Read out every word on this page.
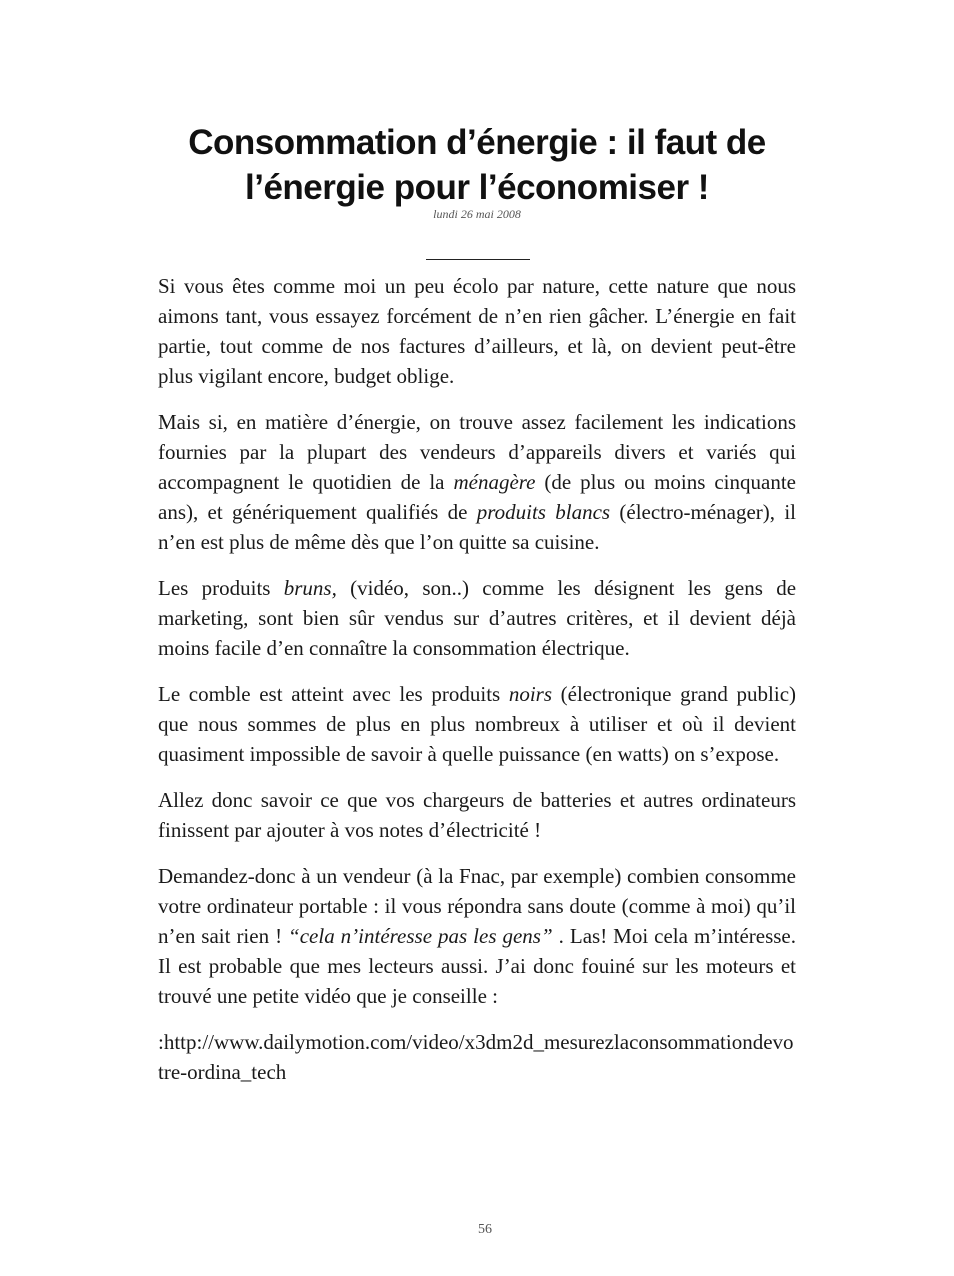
Consommation d’énergie : il faut de
l’énergie pour l’économiser !
lundi 26 mai 2008

Si vous êtes comme moi un peu écolo par nature, cette nature que nous aimons tant, vous essayez forcément de n’en rien gâcher. L’énergie en fait partie, tout comme de nos factures d’ailleurs, et là, on devient peut-être plus vigilant encore, budget oblige.

Mais si, en matière d’énergie, on trouve assez facilement les indications fournies par la plupart des vendeurs d’appareils divers et variés qui accompagnent le quotidien de la ménagère (de plus ou moins cinquante ans), et génériquement qualifiés de produits blancs (électro-ménager), il n’en est plus de même dès que l’on quitte sa cuisine.

Les produits bruns, (vidéo, son..) comme les désignent les gens de marketing, sont bien sûr vendus sur d’autres critères, et il devient déjà moins facile d’en connaître la consommation électrique.

Le comble est atteint avec les produits noirs (électronique grand public) que nous sommes de plus en plus nombreux à utiliser et où il devient quasiment impossible de savoir à quelle puissance (en watts) on s’expose.

Allez donc savoir ce que vos chargeurs de batteries et autres ordinateurs finissent par ajouter à vos notes d’électricité !

Demandez-donc à un vendeur (à la Fnac, par exemple) combien consomme votre ordinateur portable : il vous répondra sans doute (comme à moi) qu’il n’en sait rien ! “cela n’intéresse pas les gens” . Las! Moi cela m’intéresse. Il est probable que mes lecteurs aussi. J’ai donc fouiné sur les moteurs et trouvé une petite vidéo que je conseille :

:http://www.dailymotion.com/video/x3dm2d_mesurezlaconsommationdevotre-ordina_tech

56
